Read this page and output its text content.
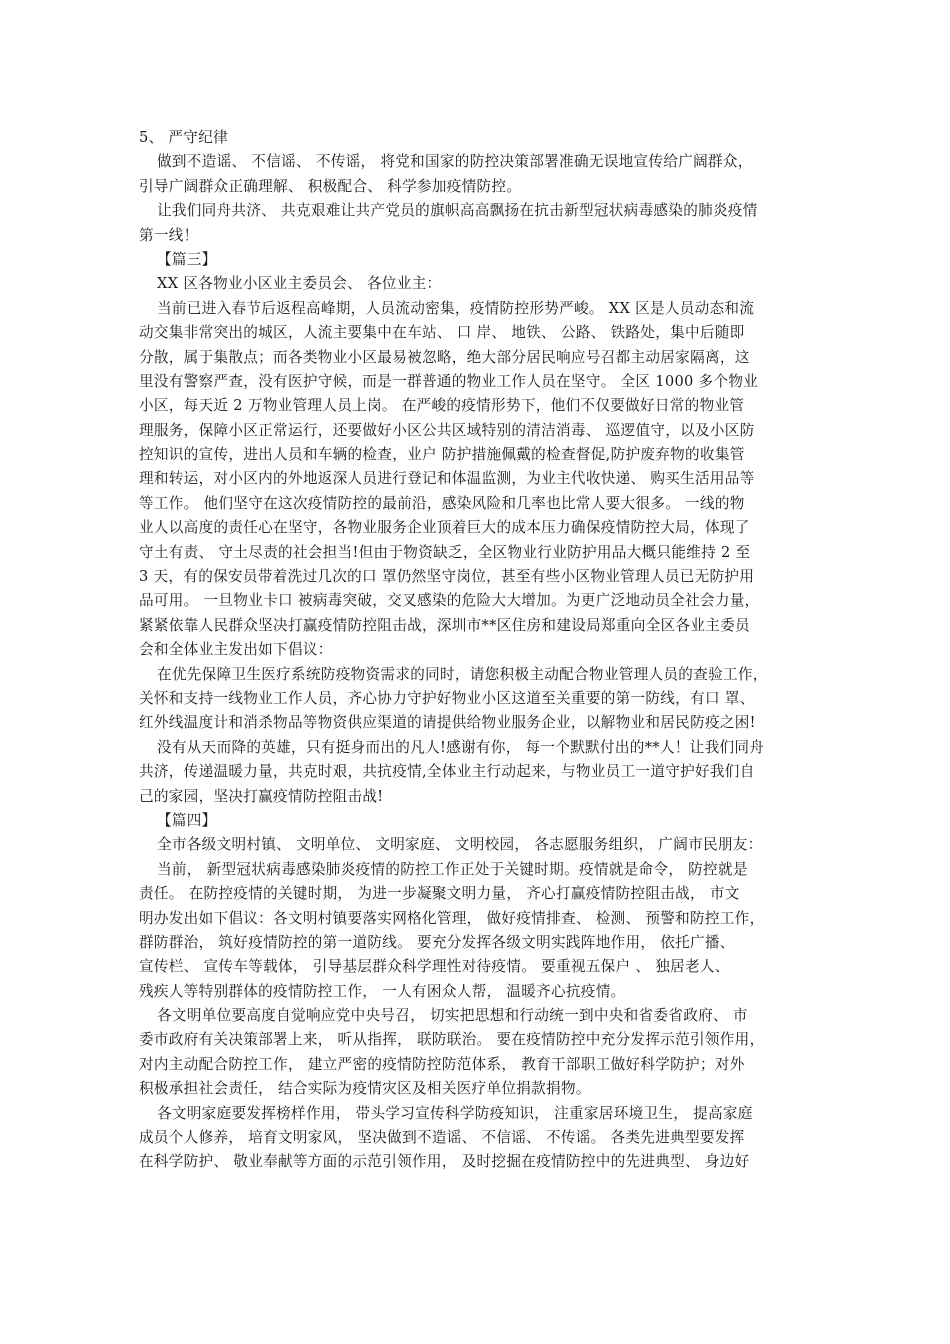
5、 严守纪律
做到不造谣、 不信谣、 不传谣， 将党和国家的防控决策部署准确无误地宣传给广阔群众，
引导广阔群众正确理解、 积极配合、 科学参加疫情防控。
让我们同舟共济、 共克艰难让共产党员的旗帜高高飘扬在抗击新型冠状病毒感染的肺炎疫情
第一线！
【篇三】
XX 区各物业小区业主委员会、 各位业主：
当前已进入春节后返程高峰期，人员流动密集，疫情防控形势严峻。 XX 区是人员动态和流
动交集非常突出的城区，人流主要集中在车站、 口 岸、 地铁、 公路、 铁路处，集中后随即
分散，属于集散点；而各类物业小区最易被忽略，绝大部分居民响应号召都主动居家隔离，这
里没有警察严查，没有医护守候，而是一群普通的物业工作人员在坚守。 全区 1000 多个物业
小区，每天近 2 万物业管理人员上岗。 在严峻的疫情形势下，他们不仅要做好日常的物业管
理服务，保障小区正常运行，还要做好小区公共区域特别的清洁消毒、 巡逻值守，以及小区防
控知识的宣传，进出人员和车辆的检查，业户 防护措施佩戴的检查督促,防护废弃物的收集管
理和转运，对小区内的外地返深人员进行登记和体温监测，为业主代收快递、 购买生活用品等
等工作。 他们坚守在这次疫情防控的最前沿，感染风险和几率也比常人要大很多。 一线的物
业人以高度的责任心在坚守，各物业服务企业顶着巨大的成本压力确保疫情防控大局，体现了
守土有责、 守土尽责的社会担当!但由于物资缺乏，全区物业行业防护用品大概只能维持 2 至
3 天，有的保安员带着洗过几次的口 罩仍然坚守岗位，甚至有些小区物业管理人员已无防护用
品可用。 一旦物业卡口 被病毒突破，交叉感染的危险大大增加。为更广泛地动员全社会力量，
紧紧依靠人民群众坚决打赢疫情防控阻击战，深圳市**区住房和建设局郑重向全区各业主委员
会和全体业主发出如下倡议：
在优先保障卫生医疗系统防疫物资需求的同时，请您积极主动配合物业管理人员的查验工作，
关怀和支持一线物业工作人员，齐心协力守护好物业小区这道至关重要的第一防线，有口 罩、
红外线温度计和消杀物品等物资供应渠道的请提供给物业服务企业，以解物业和居民防疫之困!
没有从天而降的英雄，只有挺身而出的凡人!感谢有你， 每一个默默付出的**人！让我们同舟
共济，传递温暖力量，共克时艰，共抗疫情,全体业主行动起来，与物业员工一道守护好我们自
己的家园，坚决打赢疫情防控阻击战!
【篇四】
全市各级文明村镇、 文明单位、 文明家庭、 文明校园， 各志愿服务组织， 广阔市民朋友：
当前， 新型冠状病毒感染肺炎疫情的防控工作正处于关键时期。疫情就是命令， 防控就是
责任。 在防控疫情的关键时期， 为进一步凝聚文明力量， 齐心打赢疫情防控阻击战， 市文
明办发出如下倡议：各文明村镇要落实网格化管理， 做好疫情排查、 检测、 预警和防控工作，
群防群治， 筑好疫情防控的第一道防线。 要充分发挥各级文明实践阵地作用， 依托广播、
宣传栏、 宣传车等载体， 引导基层群众科学理性对待疫情。 要重视五保户 、 独居老人、
残疾人等特别群体的疫情防控工作， 一人有困众人帮， 温暖齐心抗疫情。
各文明单位要高度自觉响应党中央号召， 切实把思想和行动统一到中央和省委省政府、 市
委市政府有关决策部署上来， 听从指挥， 联防联治。 要在疫情防控中充分发挥示范引领作用，
对内主动配合防控工作， 建立严密的疫情防控防范体系， 教育干部职工做好科学防护；对外
积极承担社会责任， 结合实际为疫情灾区及相关医疗单位捐款捐物。
各文明家庭要发挥榜样作用， 带头学习宣传科学防疫知识， 注重家居环境卫生， 提高家庭
成员个人修养， 培育文明家风， 坚决做到不造谣、 不信谣、 不传谣。 各类先进典型要发挥
在科学防护、 敬业奉献等方面的示范引领作用， 及时挖掘在疫情防控中的先进典型、 身边好
